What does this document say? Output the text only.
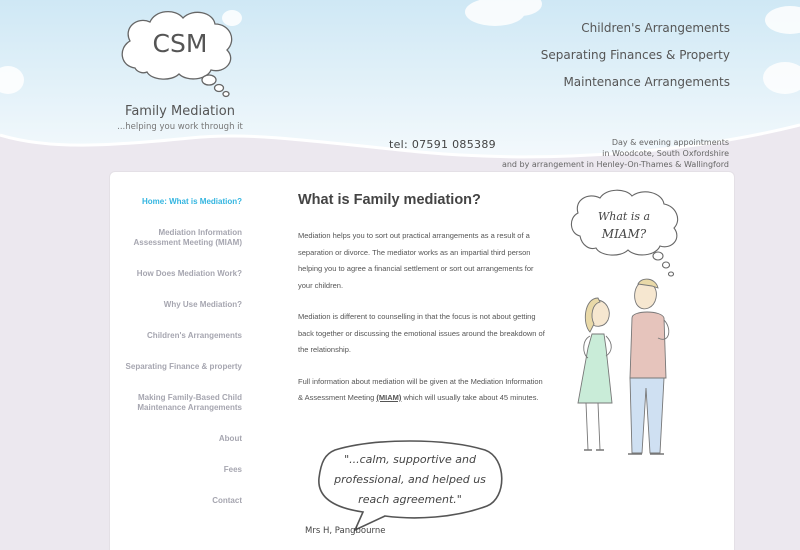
CSM
Family Mediation
...helping you work through it
Children's Arrangements
Separating Finances & Property
Maintenance Arrangements
tel: 07591 085389	Day & evening appointments
in Woodcote, South Oxfordshire
and by arrangement in Henley-On-Thames & Wallingford
Home: What is Mediation?
Mediation Information Assessment Meeting (MIAM)
How Does Mediation Work?
Why Use Mediation?
Children's Arrangements
Separating Finance & property
Making Family-Based Child Maintenance Arrangements
About
Fees
Contact
What is Family mediation?

Mediation helps you to sort out practical arrangements as a result of a separation or divorce. The mediator works as an impartial third person helping you to agree a financial settlement or sort out arrangements for your children.

Mediation is different to counselling in that the focus is not about getting back together or discussing the emotional issues around the breakdown of the relationship.

Full information about mediation will be given at the Mediation Information & Assessment Meeting (MIAM) which will usually take about 45 minutes.

What is a
MIAM?
"...calm, supportive and professional, and helped us reach agreement."
Mrs H, Pangbourne
